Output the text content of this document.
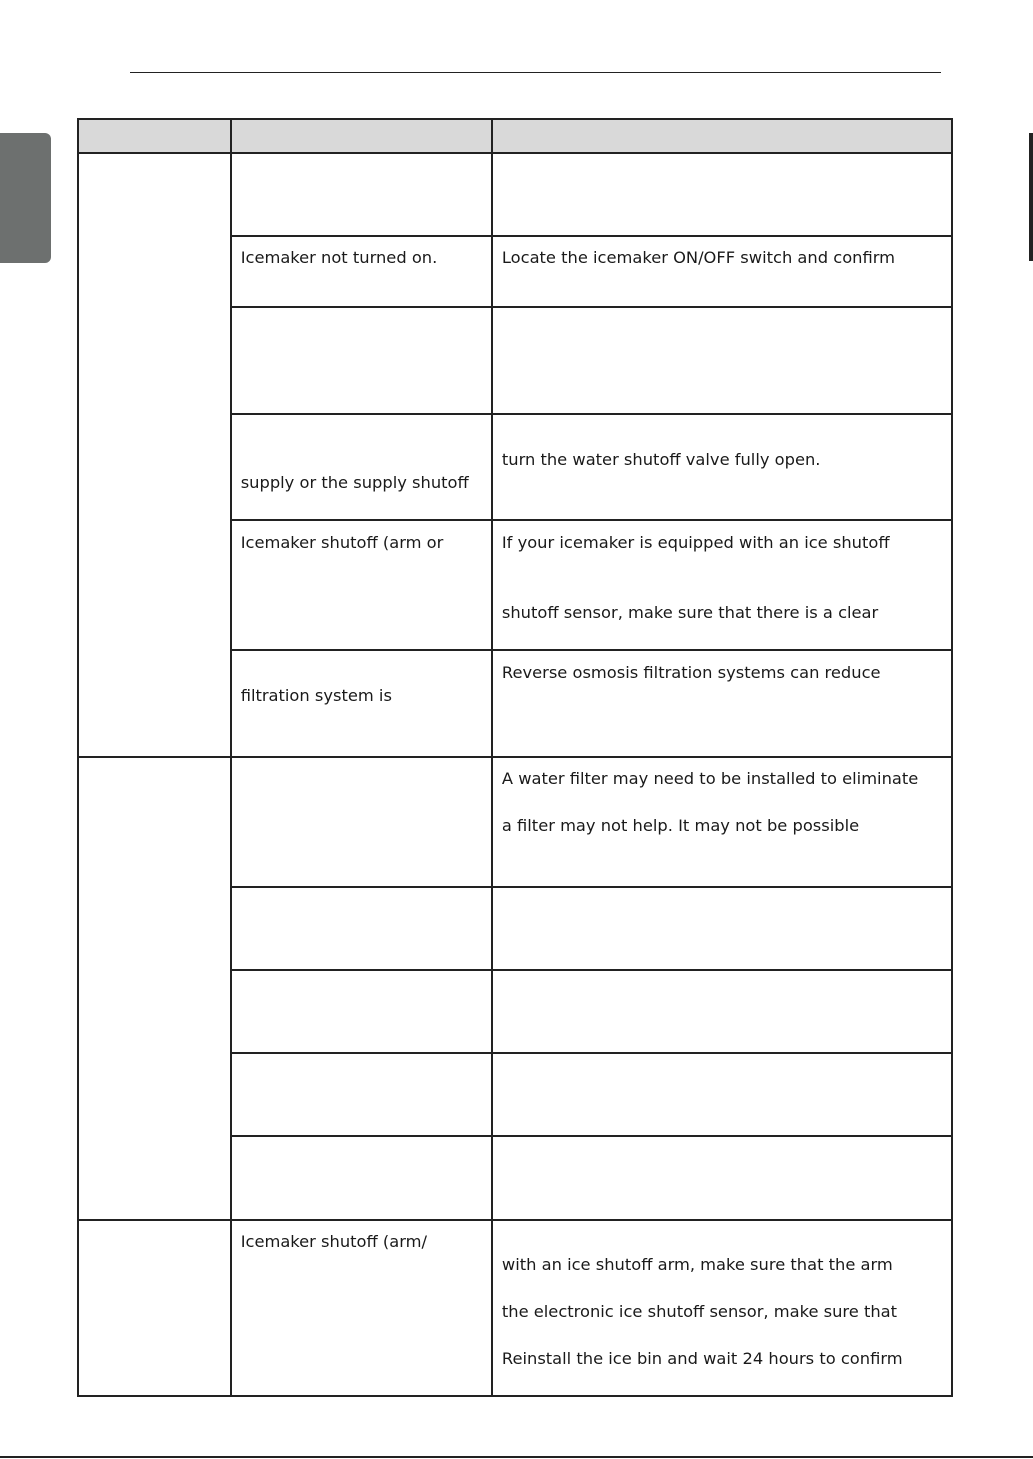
	Icemaker not turned on.	Locate the icemaker ON/OFF switch and confirm

	supply or the supply shutoff	turn the water shutoff valve fully open.

	Icemaker shutoff (arm or	If your icemaker is equipped with an ice shutoff
shutoff sensor, make sure that there is a clear

	filtration system is	Reverse osmosis filtration systems can reduce

		A water filter may need to be installed to eliminate
a filter may not help. It may not be possible

	Icemaker shutoff (arm/	with an ice shutoff arm, make sure that the arm
the electronic ice shutoff sensor, make sure that
Reinstall the ice bin and wait 24 hours to confirm
